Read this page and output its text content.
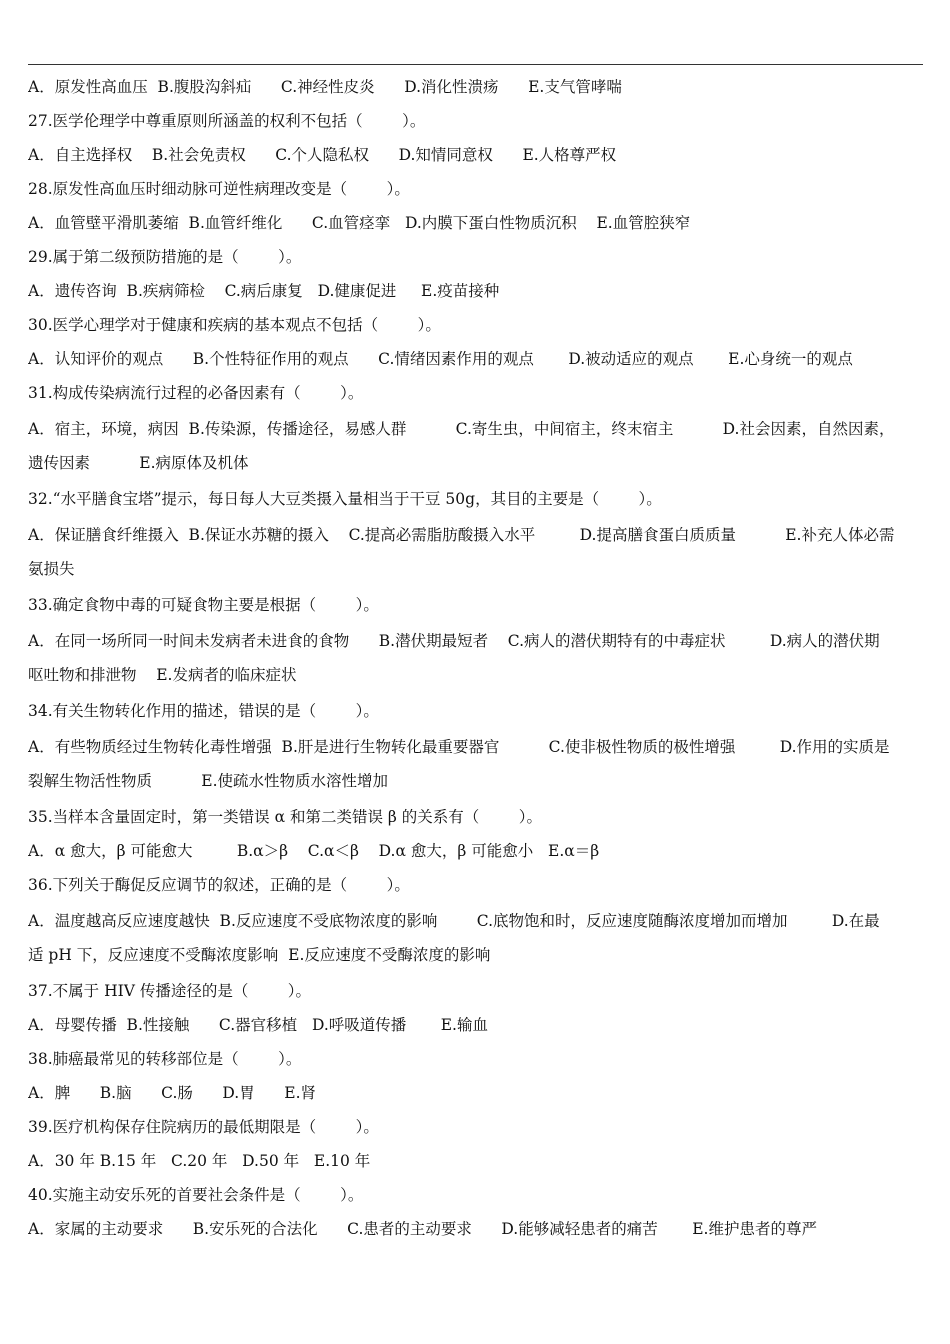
A．原发性高血压  B.腹股沟斜疝      C.神经性皮炎      D.消化性溃疡      E.支气管哮喘
27.医学伦理学中尊重原则所涵盖的权利不包括（        ）。
A．自主选择权    B.社会免责权      C.个人隐私权      D.知情同意权      E.人格尊严权
28.原发性高血压时细动脉可逆性病理改变是（        ）。
A．血管壁平滑肌萎缩  B.血管纤维化      C.血管痉挛   D.内膜下蛋白性物质沉积    E.血管腔狭窄
29.属于第二级预防措施的是（        ）。
A．遗传咨询  B.疾病筛检    C.病后康复   D.健康促进     E.疫苗接种
30.医学心理学对于健康和疾病的基本观点不包括（        ）。
A．认知评价的观点      B.个性特征作用的观点      C.情绪因素作用的观点       D.被动适应的观点       E.心身统一的观点
31.构成传染病流行过程的必备因素有（        ）。
A．宿主，环境，病因  B.传染源，传播途径，易感人群          C.寄生虫，中间宿主，终末宿主          D.社会因素，自然因素，
遗传因素          E.病原体及机体
32.“水平膳食宝塔”提示，每日每人大豆类摄入量相当于干豆 50g，其目的主要是（        ）。
A．保证膳食纤维摄入  B.保证水苏糖的摄入    C.提高必需脂肪酸摄入水平         D.提高膳食蛋白质质量          E.补充人体必需
氨损失
33.确定食物中毒的可疑食物主要是根据（        ）。
A．在同一场所同一时间未发病者未进食的食物      B.潜伏期最短者    C.病人的潜伏期特有的中毒症状         D.病人的潜伏期
呕吐物和排泄物    E.发病者的临床症状
34.有关生物转化作用的描述，错误的是（        ）。
A．有些物质经过生物转化毒性增强  B.肝是进行生物转化最重要器官          C.使非极性物质的极性增强         D.作用的实质是
裂解生物活性物质          E.使疏水性物质水溶性增加
35.当样本含量固定时，第一类错误 α 和第二类错误 β 的关系有（        ）。
A．α 愈大，β 可能愈大         B.α＞β    C.α＜β    D.α 愈大，β 可能愈小   E.α＝β
36.下列关于酶促反应调节的叙述，正确的是（        ）。
A．温度越高反应速度越快  B.反应速度不受底物浓度的影响        C.底物饱和时，反应速度随酶浓度增加而增加         D.在最
适 pH 下，反应速度不受酶浓度影响  E.反应速度不受酶浓度的影响
37.不属于 HIV 传播途径的是（        ）。
A．母婴传播  B.性接触      C.器官移植   D.呼吸道传播       E.输血
38.肺癌最常见的转移部位是（        ）。
A．脾      B.脑      C.肠      D.胃      E.肾
39.医疗机构保存住院病历的最低期限是（        ）。
A．30 年 B.15 年   C.20 年   D.50 年   E.10 年
40.实施主动安乐死的首要社会条件是（        ）。
A．家属的主动要求      B.安乐死的合法化      C.患者的主动要求      D.能够减轻患者的痛苦       E.维护患者的尊严
